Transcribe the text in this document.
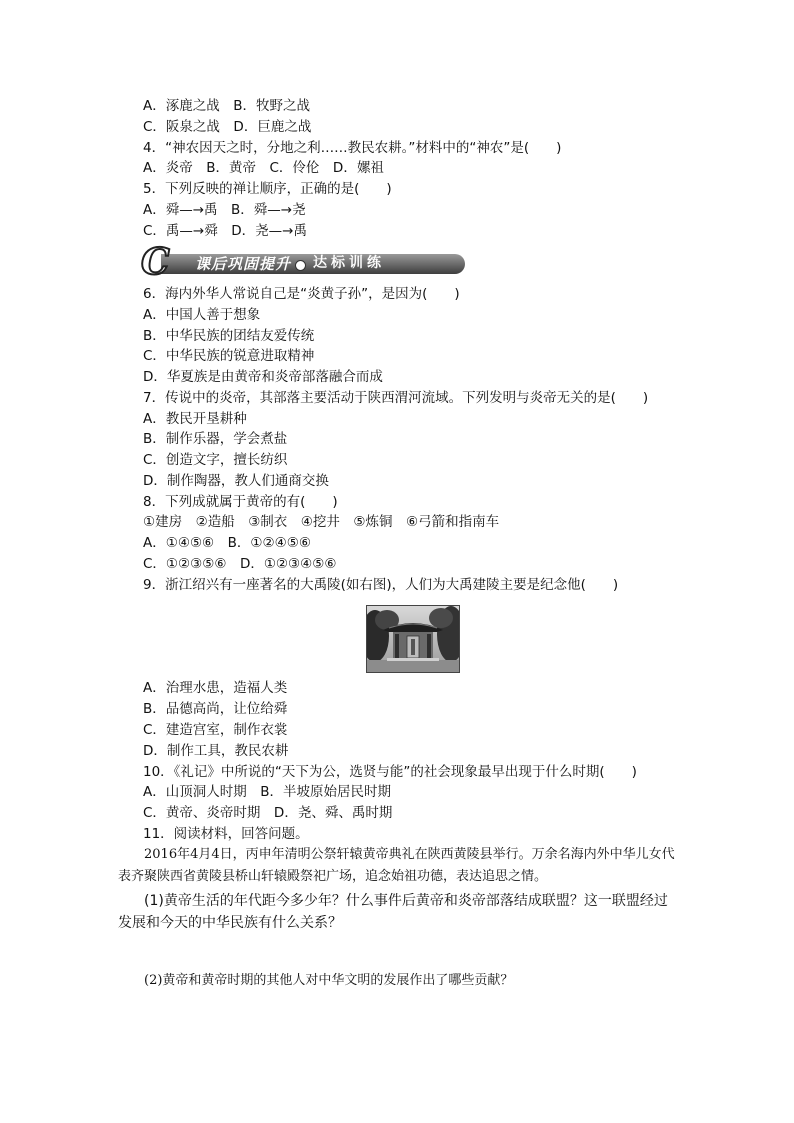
A．涿鹿之战　B．牧野之战
C．阪泉之战　D．巨鹿之战
4．“神农因天之时，分地之利……教民农耕。”材料中的“神农”是(　　)
A．炎帝　B．黄帝　C．伶伦　D．嫘祖
5．下列反映的禅让顺序，正确的是(　　)
A．舜—→禹　B．舜—→尧
C．禹—→舜　D．尧—→禹
C 课后巩固提升 达标训练
6．海内外华人常说自己是“炎黄子孙”，是因为(　　)
A．中国人善于想象
B．中华民族的团结友爱传统
C．中华民族的锐意进取精神
D．华夏族是由黄帝和炎帝部落融合而成
7．传说中的炎帝，其部落主要活动于陕西渭河流域。下列发明与炎帝无关的是(　　)
A．教民开垦耕种
B．制作乐器，学会煮盐
C．创造文字，擅长纺织
D．制作陶器，教人们通商交换
8．下列成就属于黄帝的有(　　)
①建房　②造船　③制衣　④挖井　⑤炼铜　⑥弓箭和指南车
A．①④⑤⑥　B．①②④⑤⑥
C．①②③⑤⑥　D．①②③④⑤⑥
9．浙江绍兴有一座著名的大禹陵(如右图)，人们为大禹建陵主要是纪念他(　　)
A．治理水患，造福人类
B．品德高尚，让位给舜
C．建造宫室，制作衣裳
D．制作工具，教民农耕
10．《礼记》中所说的“天下为公，选贤与能”的社会现象最早出现于什么时期(　　)
A．山顶洞人时期　B．半坡原始居民时期
C．黄帝、炎帝时期　D．尧、舜、禹时期
11．阅读材料，回答问题。
2016年4月4日，丙申年清明公祭轩辕黄帝典礼在陕西黄陵县举行。万余名海内外中华儿女代表齐聚陕西省黄陵县桥山轩辕殿祭祀广场，追念始祖功德，表达追思之情。
(1)黄帝生活的年代距今多少年？什么事件后黄帝和炎帝部落结成联盟？这一联盟经过发展和今天的中华民族有什么关系？
(2)黄帝和黄帝时期的其他人对中华文明的发展作出了哪些贡献？
